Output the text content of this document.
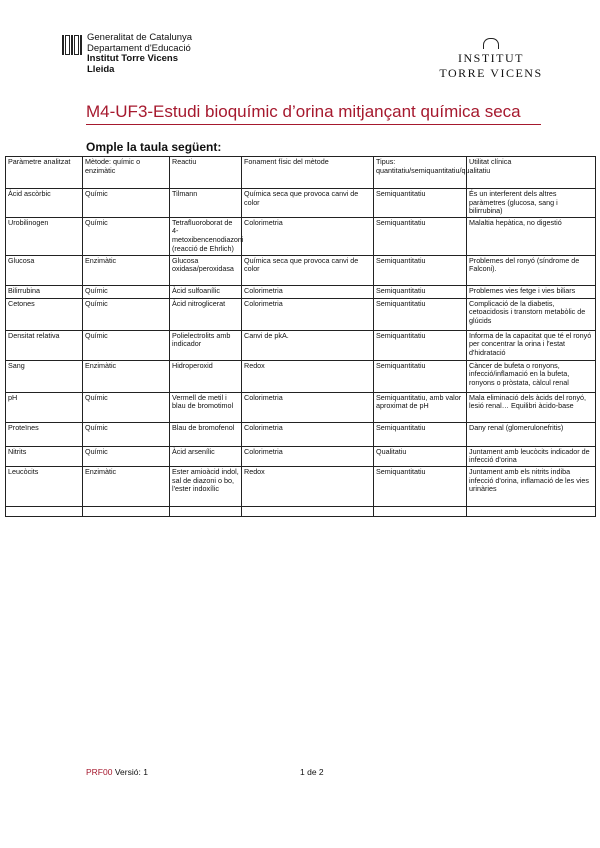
Generalitat de Catalunya
Departament d'Educació
Institut Torre Vicens
Lleida
INSTITUT
TORRE VICENS
M4-UF3-Estudi bioquímic d’orina mitjançant química seca
Omple la taula següent:
Paràmetre analitzat	Mètode: químic o enzimàtic	Reactiu	Fonament físic del mètode	Tipus: quantitatiu/semiquantitatiu/qualitatiu	Utilitat clínica
Àcid ascòrbic	Químic	Tilmann	Química seca que provoca canvi de color	Semiquantitatiu	És un interferent dels altres paràmetres (glucosa, sang i bilirrubina)
Urobilinogen	Químic	Tetrafluoroborat de 4-metoxibencenodiazoni (reacció de Ehrlich)	Colorimetria	Semiquantitatiu	Malaltia hepàtica, no digestió
Glucosa	Enzimàtic	Glucosa oxidasa/peroxidasa	Química seca que provoca canvi de color	Semiquantitatiu	Problemes del ronyó (síndrome de Falconi).
Bilirrubina	Químic	Àcid sulfoanílic	Colorimetria	Semiquantitatiu	Problemes vies fetge i vies biliars
Cetones	Químic	Àcid nitroglicerat	Colorimetria	Semiquantitatiu	Complicació de la diabetis, cetoacidosis i transtorn metabòlic de glúcids
Densitat relativa	Químic	Polielectrolits amb indicador	Canvi de pkA.	Semiquantitatiu	Informa de la capacitat que té el ronyó per concentrar la orina i l'estat d'hidratació
Sang	Enzimàtic	Hidroperoxid	Redox	Semiquantitatiu	Càncer de bufeta o ronyons, infecció/inflamació en la bufeta, ronyons o pròstata, càlcul renal
pH	Químic	Vermell de metil i blau de bromotimol	Colorimetria	Semiquantitatiu, amb valor aproximat de pH	Mala eliminació dels àcids del ronyó, lesió renal… Equilibri àcido-base
Proteïnes	Químic	Blau de bromofenol	Colorimetria	Semiquantitatiu	Dany renal (glomerulonefritis)
Nitrits	Químic	Àcid arsenílic	Colorimetria	Qualitatiu	Juntament amb leucòcits indicador de infecció d'orina
Leucòcits	Enzimàtic	Ester amioàcid indol, sal de diazoni o bo, l'ester indoxílic	Redox	Semiquantitatiu	Juntament amb els nitrits indiba infecció d'orina, inflamació de les vies urinàries

PRF00 Versió: 1	1 de 2
